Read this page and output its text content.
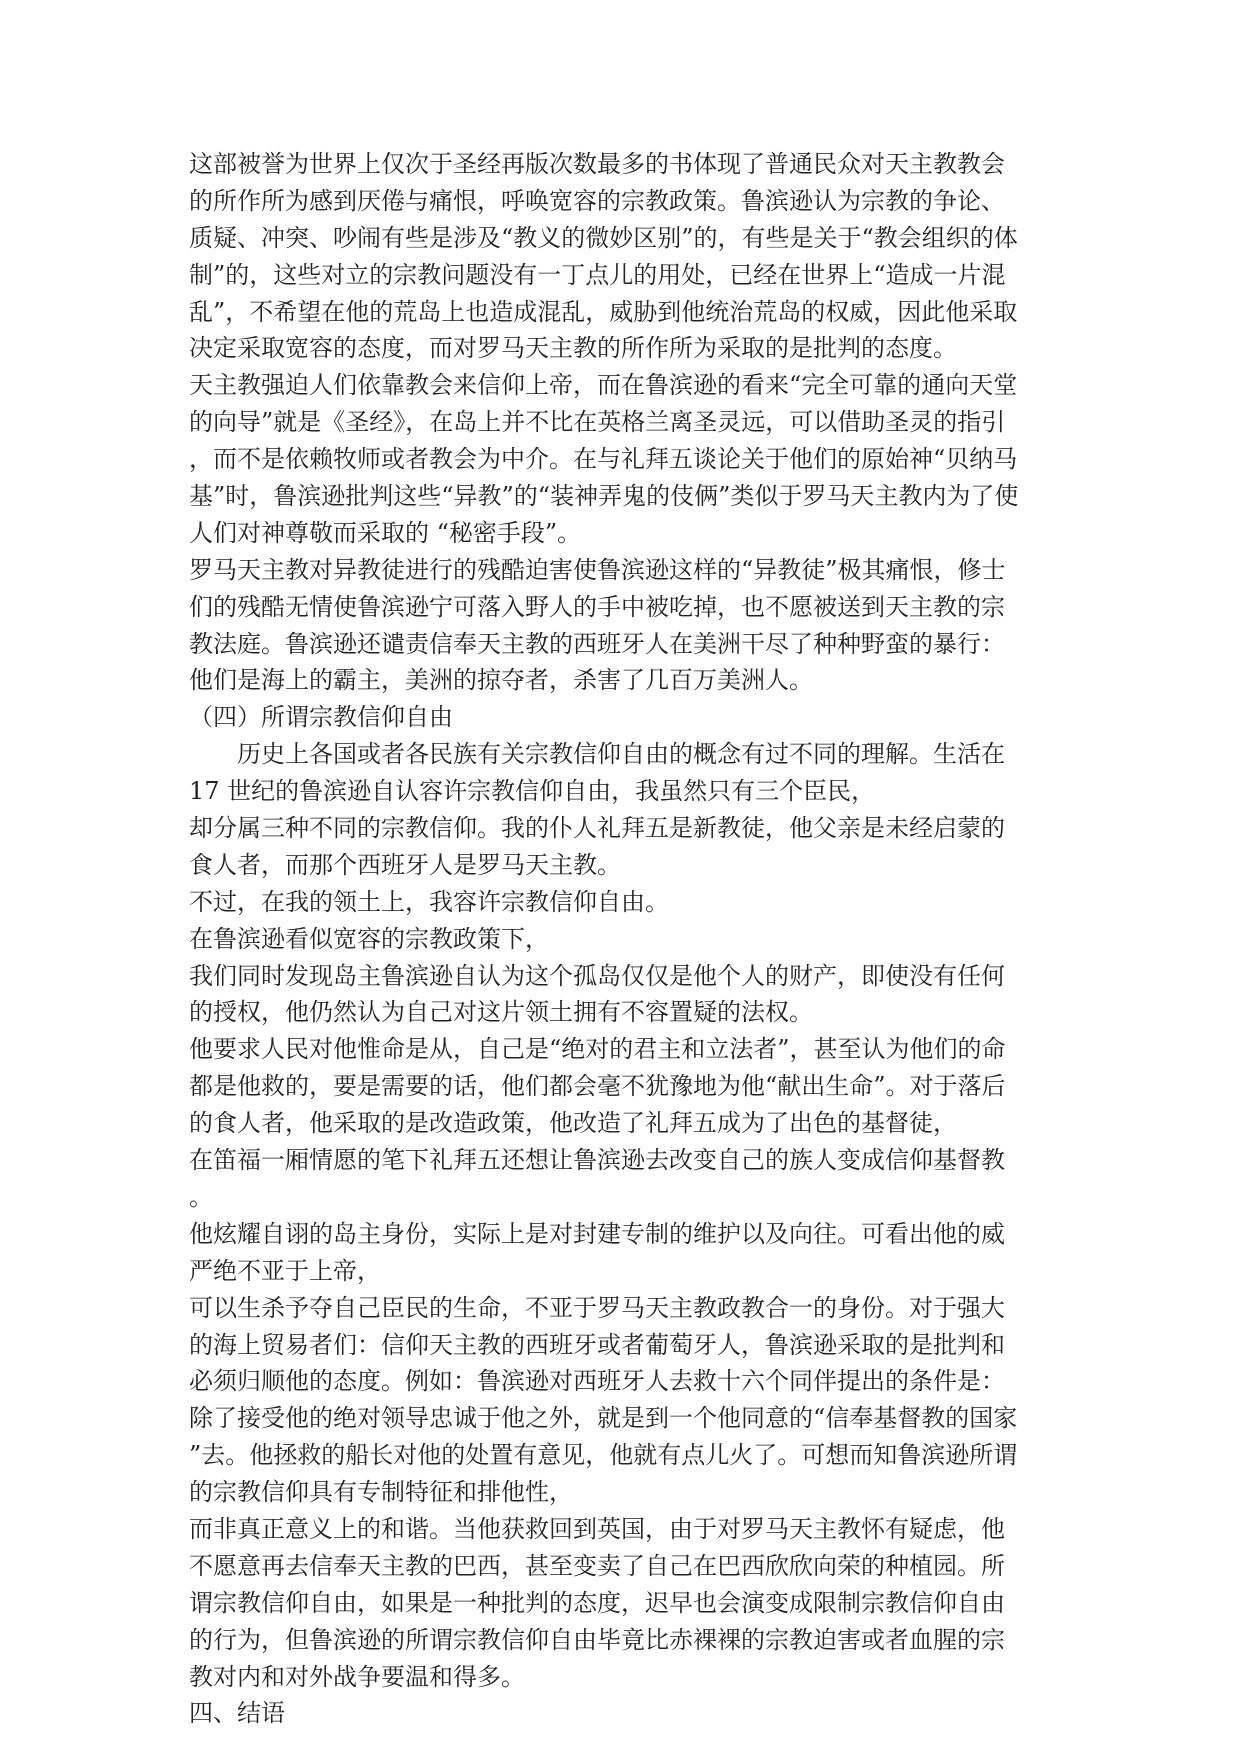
这部被誉为世界上仅次于圣经再版次数最多的书体现了普通民众对天主教教会
的所作所为感到厌倦与痛恨，呼唤宽容的宗教政策。鲁滨逊认为宗教的争论、
质疑、冲突、吵闹有些是涉及“教义的微妙区别”的，有些是关于“教会组织的体
制”的，这些对立的宗教问题没有一丁点儿的用处，已经在世界上“造成一片混
乱”，不希望在他的荒岛上也造成混乱，威胁到他统治荒岛的权威，因此他采取
决定采取宽容的态度，而对罗马天主教的所作所为采取的是批判的态度。
天主教强迫人们依靠教会来信仰上帝，而在鲁滨逊的看来“完全可靠的通向天堂
的向导”就是《圣经》，在岛上并不比在英格兰离圣灵远，可以借助圣灵的指引
，而不是依赖牧师或者教会为中介。在与礼拜五谈论关于他们的原始神“贝纳马
基”时，鲁滨逊批判这些“异教”的“装神弄鬼的伎俩”类似于罗马天主教内为了使
人们对神尊敬而采取的 “秘密手段”。
罗马天主教对异教徒进行的残酷迫害使鲁滨逊这样的“异教徒”极其痛恨，修士
们的残酷无情使鲁滨逊宁可落入野人的手中被吃掉，也不愿被送到天主教的宗
教法庭。鲁滨逊还谴责信奉天主教的西班牙人在美洲干尽了种种野蛮的暴行：
他们是海上的霸主，美洲的掠夺者，杀害了几百万美洲人。
（四）所谓宗教信仰自由
历史上各国或者各民族有关宗教信仰自由的概念有过不同的理解。生活在
17 世纪的鲁滨逊自认容许宗教信仰自由，我虽然只有三个臣民，
却分属三种不同的宗教信仰。我的仆人礼拜五是新教徒，他父亲是未经启蒙的
食人者，而那个西班牙人是罗马天主教。
不过，在我的领土上，我容许宗教信仰自由。
在鲁滨逊看似宽容的宗教政策下，
我们同时发现岛主鲁滨逊自认为这个孤岛仅仅是他个人的财产，即使没有任何
的授权，他仍然认为自己对这片领土拥有不容置疑的法权。
他要求人民对他惟命是从，自己是“绝对的君主和立法者”，甚至认为他们的命
都是他救的，要是需要的话，他们都会毫不犹豫地为他“献出生命”。对于落后
的食人者，他采取的是改造政策，他改造了礼拜五成为了出色的基督徒，
在笛福一厢情愿的笔下礼拜五还想让鲁滨逊去改变自己的族人变成信仰基督教
。
他炫耀自诩的岛主身份，实际上是对封建专制的维护以及向往。可看出他的威
严绝不亚于上帝，
可以生杀予夺自己臣民的生命，不亚于罗马天主教政教合一的身份。对于强大
的海上贸易者们：信仰天主教的西班牙或者葡萄牙人，鲁滨逊采取的是批判和
必须归顺他的态度。例如：鲁滨逊对西班牙人去救十六个同伴提出的条件是：
除了接受他的绝对领导忠诚于他之外，就是到一个他同意的“信奉基督教的国家
”去。他拯救的船长对他的处置有意见，他就有点儿火了。可想而知鲁滨逊所谓
的宗教信仰具有专制特征和排他性，
而非真正意义上的和谐。当他获救回到英国，由于对罗马天主教怀有疑虑，他
不愿意再去信奉天主教的巴西，甚至变卖了自己在巴西欣欣向荣的种植园。所
谓宗教信仰自由，如果是一种批判的态度，迟早也会演变成限制宗教信仰自由
的行为，但鲁滨逊的所谓宗教信仰自由毕竟比赤裸裸的宗教迫害或者血腥的宗
教对内和对外战争要温和得多。
四、结语
